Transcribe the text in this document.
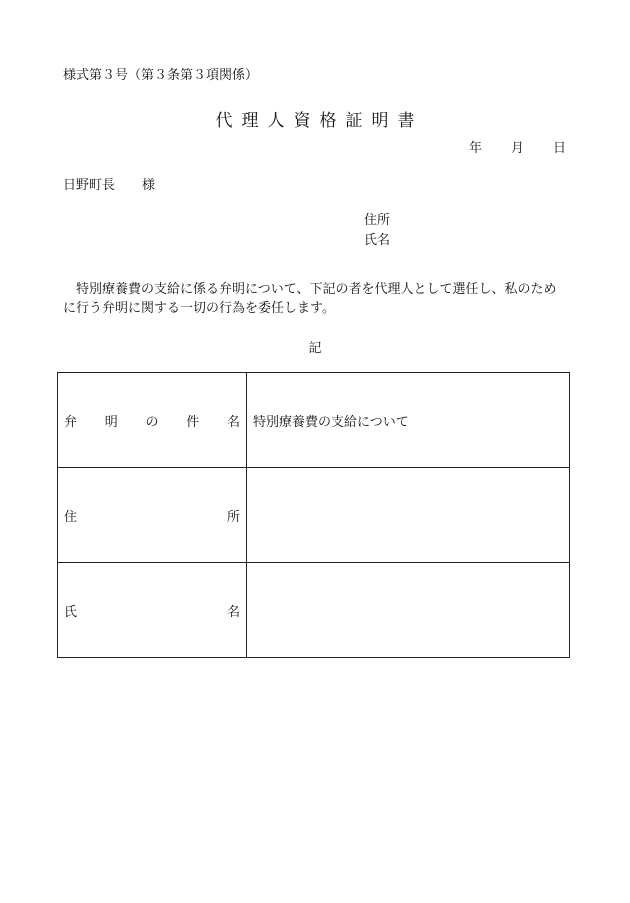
様式第３号（第３条第３項関係）
代理人資格証明書
年 月 日
日野町長 様
住所
氏名
特別療養費の支給に係る弁明について、下記の者を代理人として選任し、私のために行う弁明に関する一切の行為を委任します。
記
弁 明 の 件 名	特別療養費の支給について

住 所	

氏 名	
